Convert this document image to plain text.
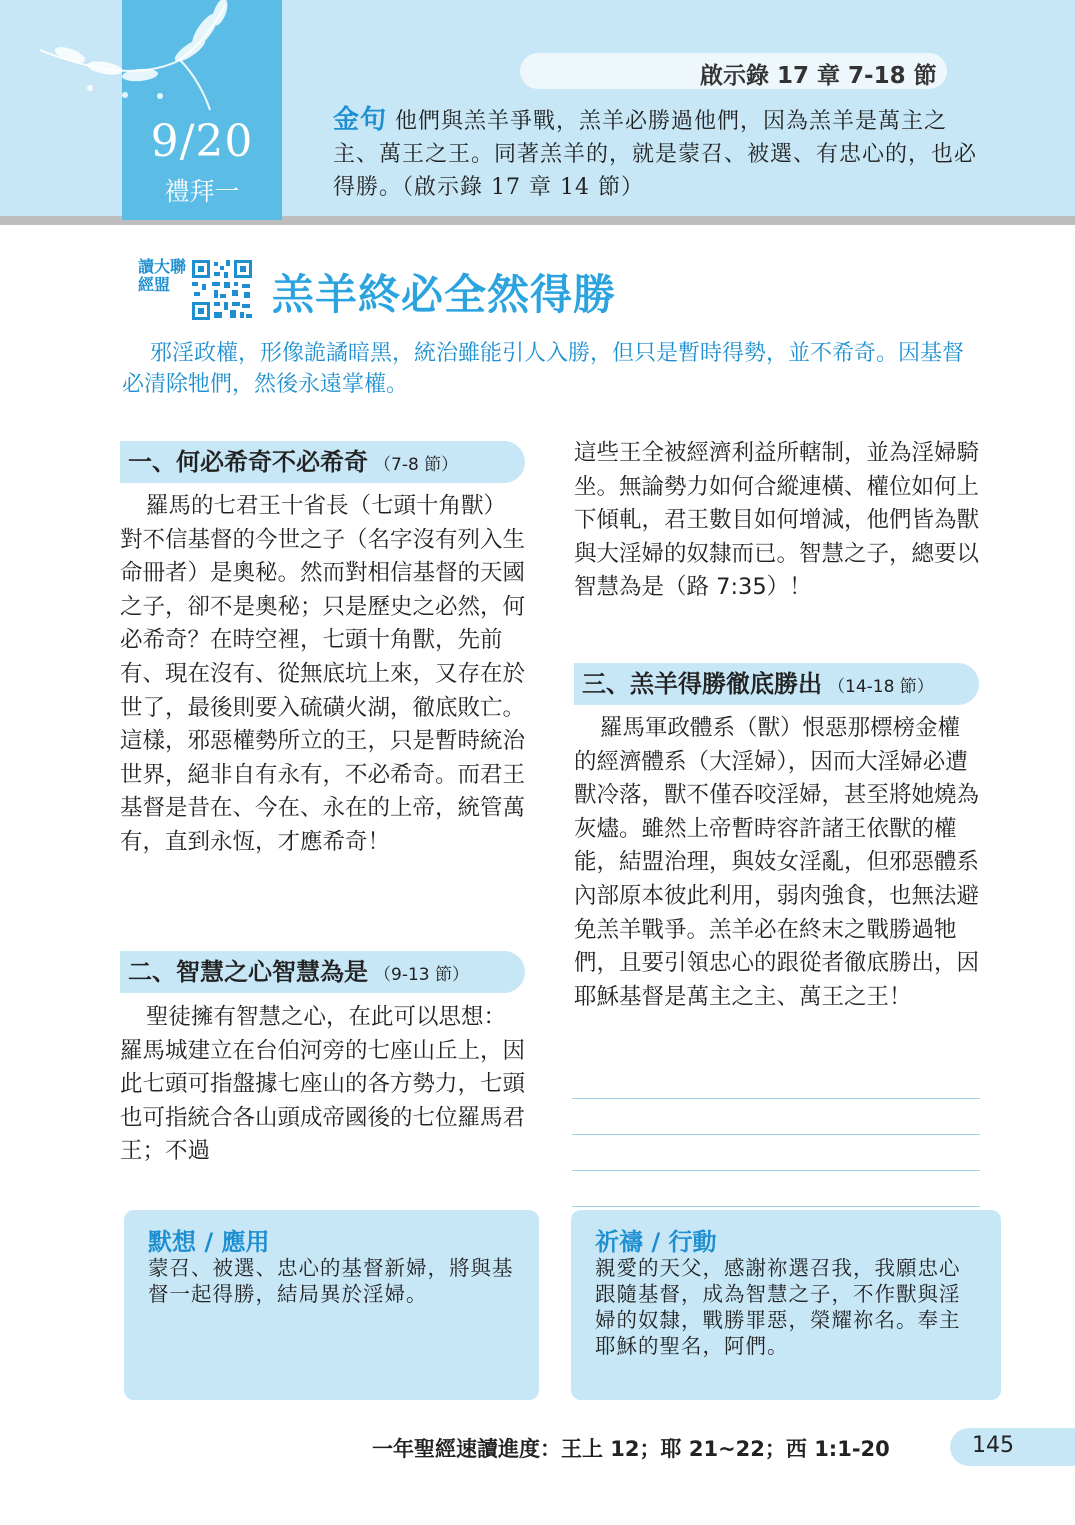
9/20
禮拜一
啟示錄 17 章 7-18 節
金句 他們與羔羊爭戰，羔羊必勝過他們，因為羔羊是萬主之主、萬王之王。同著羔羊的，就是蒙召、被選、有忠心的，也必得勝。（啟示錄 17 章 14 節）
讀大聯經盟	羔羊終必全然得勝
邪淫政權，形像詭譎暗黑，統治雖能引人入勝，但只是暫時得勢，並不希奇。因基督必清除牠們，然後永遠掌權。
一、何必希奇不必希奇 （7-8 節）
羅馬的七君王十省長（七頭十角獸）對不信基督的今世之子（名字沒有列入生命冊者）是奧秘。然而對相信基督的天國之子，卻不是奧秘；只是歷史之必然，何必希奇？在時空裡，七頭十角獸，先前有、現在沒有、從無底坑上來，又存在於世了，最後則要入硫磺火湖，徹底敗亡。這樣，邪惡權勢所立的王，只是暫時統治世界，絕非自有永有，不必希奇。而君王基督是昔在、今在、永在的上帝，統管萬有，直到永恆，才應希奇！
二、智慧之心智慧為是 （9-13 節）
聖徒擁有智慧之心，在此可以思想：羅馬城建立在台伯河旁的七座山丘上，因此七頭可指盤據七座山的各方勢力，七頭也可指統合各山頭成帝國後的七位羅馬君王；不過
這些王全被經濟利益所轄制，並為淫婦騎坐。無論勢力如何合縱連橫、權位如何上下傾軋，君王數目如何增減，他們皆為獸與大淫婦的奴隸而已。智慧之子，總要以智慧為是（路 7:35）！
三、羔羊得勝徹底勝出 （14-18 節）
羅馬軍政體系（獸）恨惡那標榜金權的經濟體系（大淫婦），因而大淫婦必遭獸冷落，獸不僅吞咬淫婦，甚至將她燒為灰燼。雖然上帝暫時容許諸王依獸的權能，結盟治理，與妓女淫亂，但邪惡體系內部原本彼此利用，弱肉強食，也無法避免羔羊戰爭。羔羊必在終末之戰勝過牠們，且要引領忠心的跟從者徹底勝出，因耶穌基督是萬主之主、萬王之王！
默想 / 應用
蒙召、被選、忠心的基督新婦，將與基督一起得勝，結局異於淫婦。
祈禱 / 行動
親愛的天父，感謝祢選召我，我願忠心跟隨基督，成為智慧之子，不作獸與淫婦的奴隸，戰勝罪惡，榮耀祢名。奉主耶穌的聖名，阿們。
一年聖經速讀進度：王上 12；耶 21~22；西 1:1-20	145
